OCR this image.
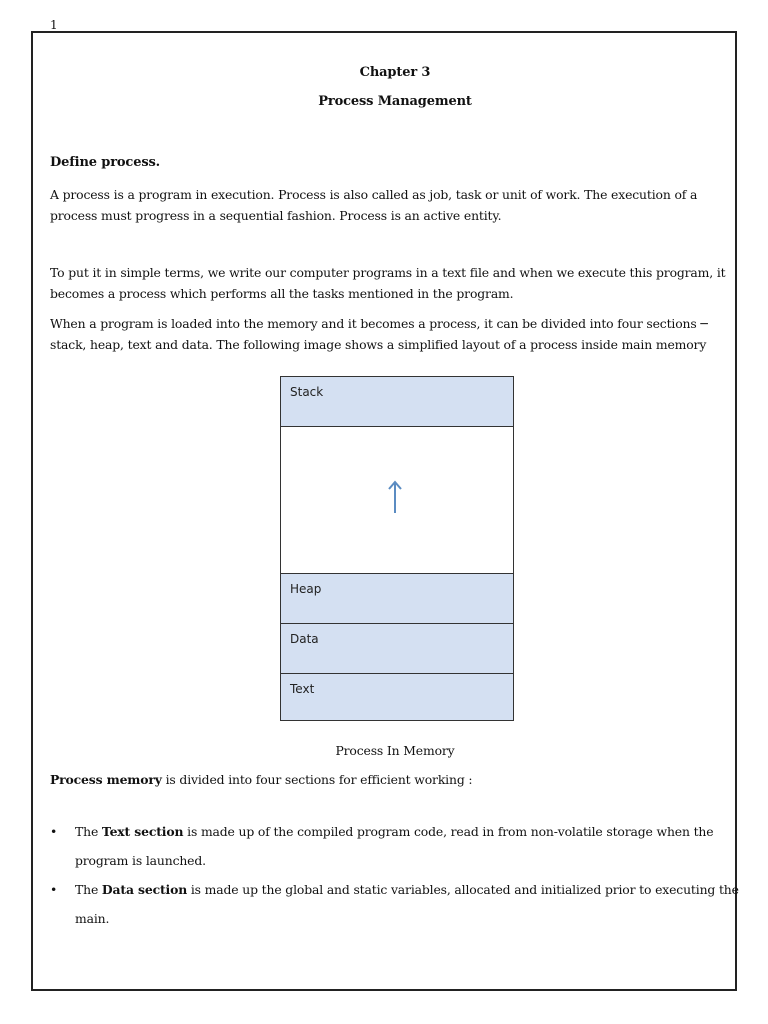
1
Chapter 3
Process Management
Define process.

A process is a program in execution. Process is also called as job, task or unit of work. The execution of a process must progress in a sequential fashion. Process is an active entity.

To put it in simple terms, we write our computer programs in a text file and when we execute this program, it becomes a process which performs all the tasks mentioned in the program.

When a program is loaded into the memory and it becomes a process, it can be divided into four sections ─ stack, heap, text and data. The following image shows a simplified layout of a process inside main memory

Process In Memory
Process memory is divided into four sections for efficient working :
• The Text section is made up of the compiled program code, read in from non-volatile storage when the program is launched.
• The Data section is made up the global and static variables, allocated and initialized prior to executing the main.
Stack
Heap
Data
Text
